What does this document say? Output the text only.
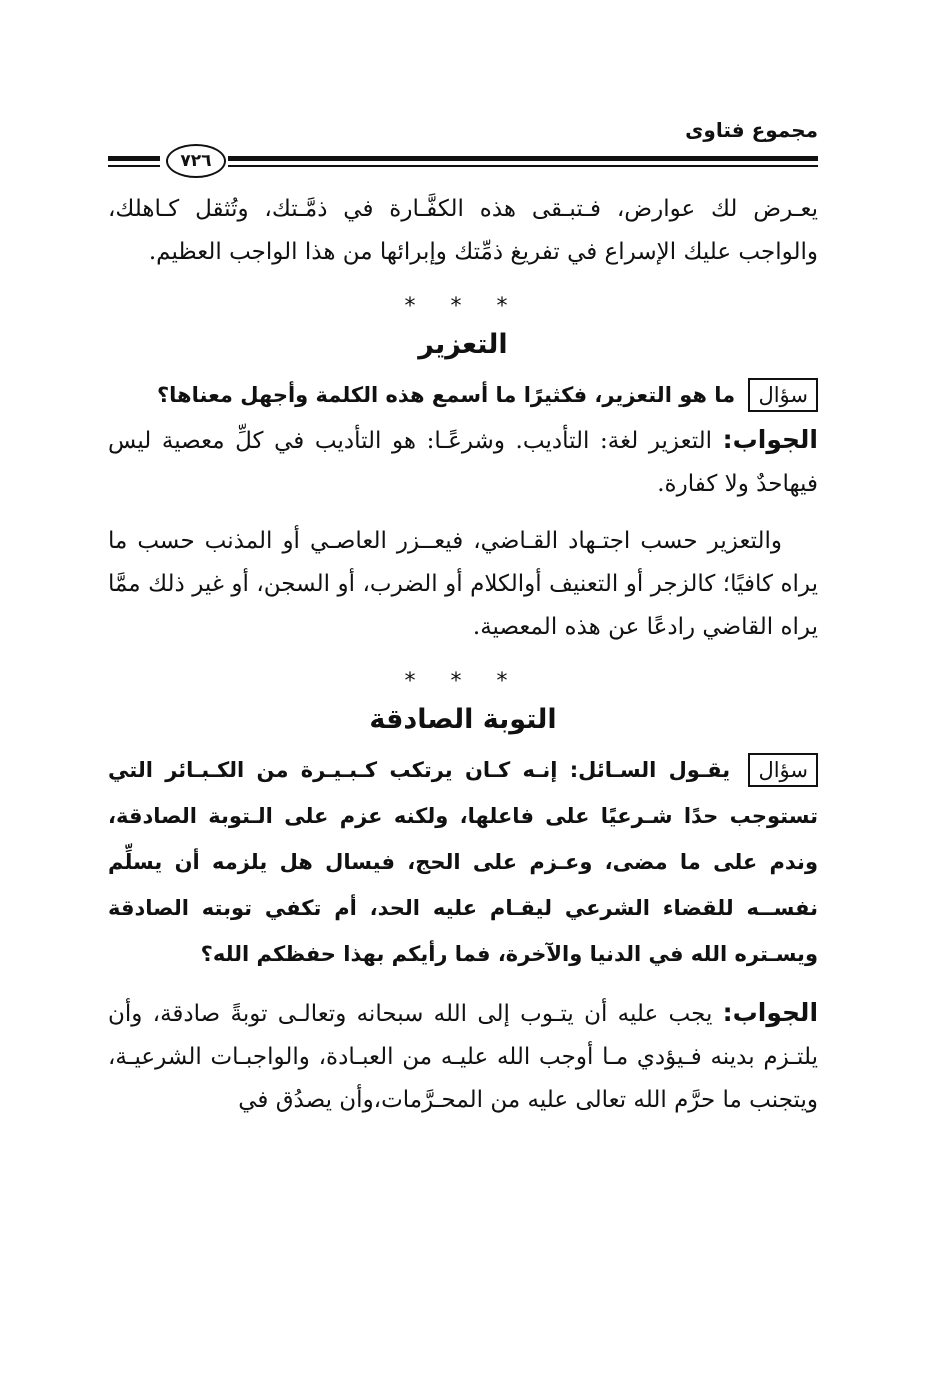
مجموع فتاوى
٧٢٦

يعـرض لك عوارض، فـتبـقى هذه الكفَّـارة في ذمَّـتك، وتُثقل كـاهلك، والواجب عليك الإسراع في تفريغ ذمِّتك وإبرائها من هذا الواجب العظيم.

* * *
التعزير
سؤال ما هو التعزير، فكثيرًا ما أسمع هذه الكلمة وأجهل معناها؟

الجواب: التعزير لغة: التأديب. وشرعًـا: هو التأديب في كلِّ معصية ليس فيهاحدٌ ولا كفارة.

والتعزير حسب اجتـهاد القـاضي، فيعــزر العاصـي أو المذنب حسب ما يراه كافيًا؛ كالزجر أو التعنيف أوالكلام أو الضرب، أو السجن، أو غير ذلك ممَّا يراه القاضي رادعًا عن هذه المعصية.

* * *
التوبة الصادقة
سؤال يقـول السـائل: إنـه كـان يرتكب كـبـيـرة من الكـبـائر التي تستوجب حدًا شـرعيًا على فاعلها، ولكنه عزم على الـتوبة الصادقة، وندم على ما مضى، وعـزم على الحج، فيسال هل يلزمه أن يسلِّم نفســه للقضاء الشرعي ليقـام عليه الحد، أم تكفي توبته الصادقة ويسـتره الله في الدنيا والآخرة، فما رأيكم بهذا حفظكم الله؟

الجواب: يجب عليه أن يتـوب إلى الله سبحانه وتعالـى توبةً صادقة، وأن يلتـزم بدينه فـيؤدي مـا أوجب الله عليـه من العبـادة، والواجبـات الشرعيـة، ويتجنب ما حرَّم الله تعالى عليه من المحـرَّمات،وأن يصدُق في
